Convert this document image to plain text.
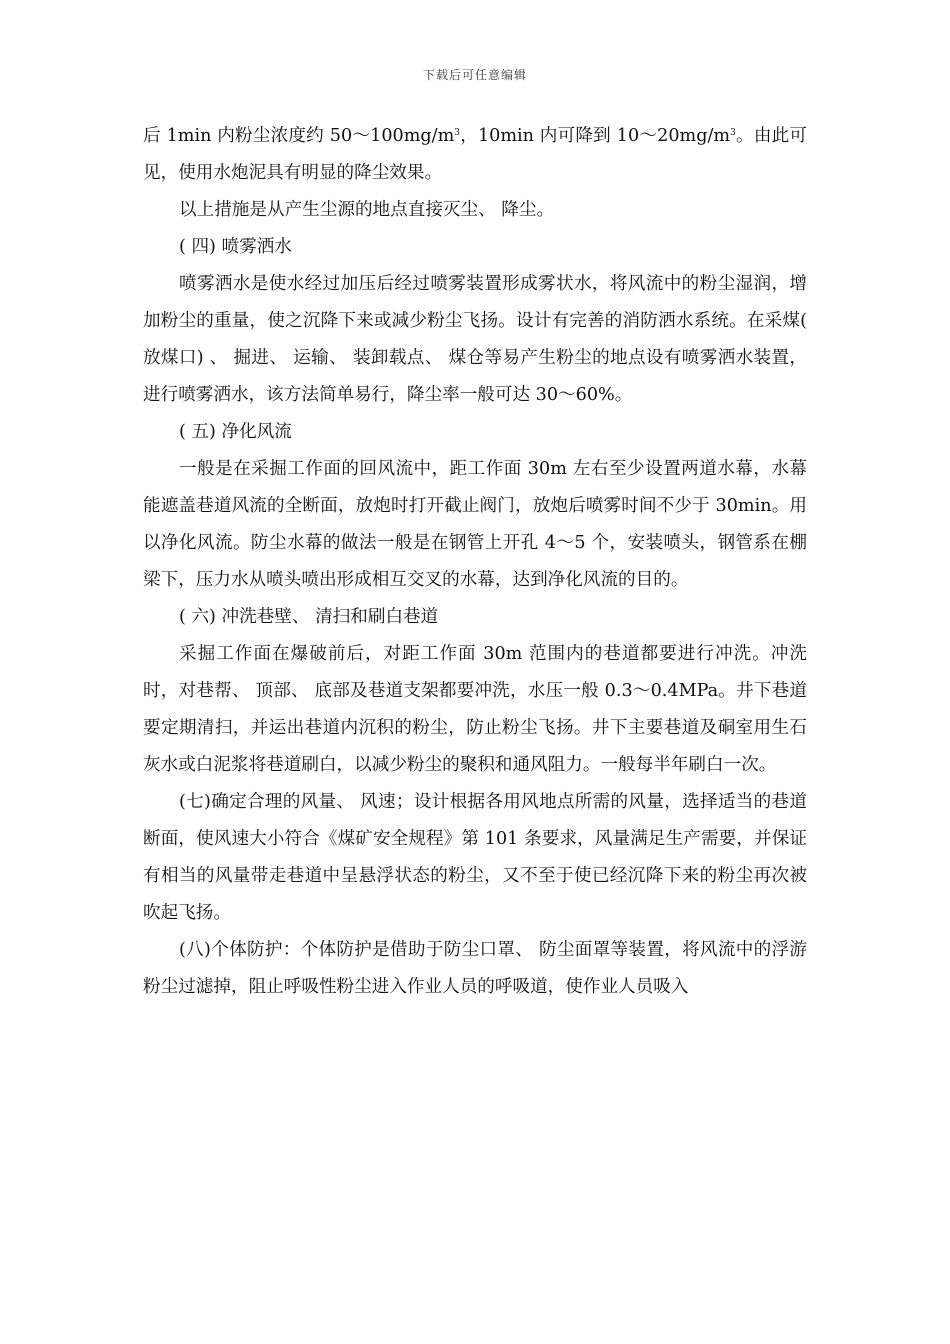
下载后可任意编辑

后 1min 内粉尘浓度约 $50\sim 100mg/m^3$，10min 内可降到 $10\sim 20mg/m^3$。由此可见，使用水炮泥具有明显的降尘效果。

以上措施是从产生尘源的地点直接灭尘、 降尘。

( 四) 喷雾洒水

喷雾洒水是使水经过加压后经过喷雾装置形成雾状水，将风流中的粉尘湿润，增加粉尘的重量，使之沉降下来或减少粉尘飞扬。设计有完善的消防洒水系统。在采煤( 放煤口) 、 掘进、 运输、 装卸载点、 煤仓等易产生粉尘的地点设有喷雾洒水装置，进行喷雾洒水，该方法简单易行，降尘率一般可达 30～60%。

( 五) 净化风流

一般是在采掘工作面的回风流中，距工作面 30m 左右至少设置两道水幕，水幕能遮盖巷道风流的全断面，放炮时打开截止阀门，放炮后喷雾时间不少于 30min。用以净化风流。防尘水幕的做法一般是在钢管上开孔 4～5 个，安装喷头，钢管系在棚梁下，压力水从喷头喷出形成相互交叉的水幕，达到净化风流的目的。

( 六) 冲洗巷壁、 清扫和刷白巷道

采掘工作面在爆破前后，对距工作面 30m 范围内的巷道都要进行冲洗。冲洗时，对巷帮、 顶部、 底部及巷道支架都要冲洗，水压一般 0.3～0.4MPa。井下巷道要定期清扫，并运出巷道内沉积的粉尘，防止粉尘飞扬。井下主要巷道及硐室用生石灰水或白泥浆将巷道刷白，以减少粉尘的聚积和通风阻力。一般每半年刷白一次。

(七)确定合理的风量、 风速；设计根据各用风地点所需的风量，选择适当的巷道断面，使风速大小符合《煤矿安全规程》第 101 条要求，风量满足生产需要，并保证有相当的风量带走巷道中呈悬浮状态的粉尘，又不至于使已经沉降下来的粉尘再次被吹起飞扬。

(八)个体防护：个体防护是借助于防尘口罩、 防尘面罩等装置，将风流中的浮游粉尘过滤掉，阻止呼吸性粉尘进入作业人员的呼吸道，使作业人员吸入
